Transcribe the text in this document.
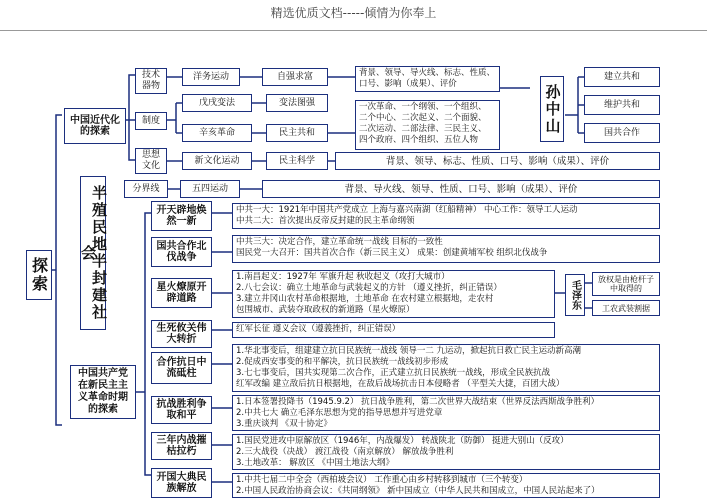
精选优质文档-----倾情为你奉上
探索
中国近代化的探索
技术器物
洋务运动	自强求富	背景、领导、导火线、标志、性质、口号、影响（成果）、评价
制度
戊戌变法	变法图强
辛亥革命	民主共和
一次革命、一个纲领、一个组织、
二个中心、二次起义、二个面貌、
二次运动、二部法律、三民主义、
四个政府、四个组织、五位人物
思想文化
新文化运动	民主科学	背景、领导、标志、性质、口号、影响（成果）、评价
孙中山
建立共和
维护共和
国共合作
分界线	五四运动	背景、导火线、领导、性质、口号、影响（成果）、评价
半殖民地半封建社会
中国共产党在新民主主义革命时期的探索
开天辟地焕然一新
中共一大：1921年中国共产党成立 上海与嘉兴南湖（红船精神） 中心工作：领导工人运动
中共二大：首次提出反帝反封建的民主革命纲领
国共合作北伐战争
中共三大：决定合作，建立革命统一战线 目标的一致性
国民党一大召开：国共首次合作（新三民主义） 成果：创建黄埔军校 组织北伐战争
星火燎原开辟道路
1.南昌起义：1927年 军旗升起 秋收起义（攻打大城市）
2.八七会议：确立土地革命与武装起义的方针 （遵义挫折，纠正错误）
3.建立井冈山农村革命根据地，土地革命 在农村建立根据地，走农村
包围城市、武装夺取政权的新道路（星火燎原）	毛泽东
放权是由枪杆子中取得的
工农武装割据
生死攸关伟大转折
红军长征 遵义会议（遵義挫折，纠正错误）
合作抗日中流砥柱
1.华北事变后，组建建立抗日民族统一战线 领导一二 九运动，掀起抗日救亡民主运动新高潮
2.促成西安事变的和平解决，抗日民族统一战线初步形成
3.七七事变后，国共实现第二次合作，正式建立抗日民族统一战线，形成全民族抗战
红军改编 建立敌后抗日根据地，在敌后战场抗击日本侵略者 （平型关大捷，百团大战）
抗战胜利争取和平
1.日本签署投降书（1945.9.2） 抗日战争胜利，第二次世界大战结束（世界反法西斯战争胜利）
2.中共七大 确立毛泽东思想为党的指导思想并写进党章
3.重庆谈判 《双十协定》
三年内战摧枯拉朽
1.国民党进攻中原解放区（1946年，内战爆发） 转战陕北（防御） 挺进大别山（反攻）
2.三大战役（决战） 渡江战役（南京解放） 解放战争胜利
3.土地改革： 解放区 《中国土地法大纲》
开国大典民族解放
1.中共七届二中全会（西柏坡会议） 工作重心由乡村转移到城市（三个转变）
2.中国人民政治协商会议：《共同纲领》 新中国成立（中华人民共和国成立，中国人民站起来了）
